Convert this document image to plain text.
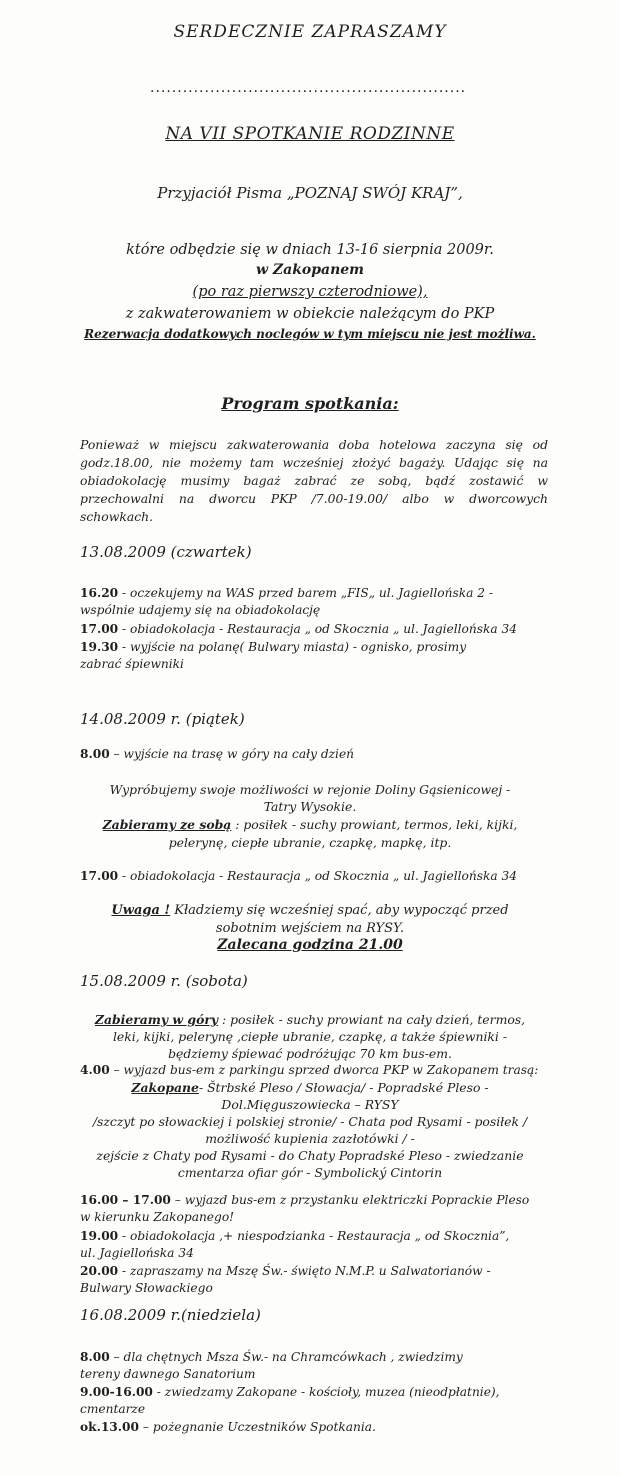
SERDECZNIE ZAPRASZAMY
..........................................................
NA VII SPOTKANIE RODZINNE
Przyjaciół Pisma „POZNAJ SWÓJ KRAJ”,
które odbędzie się w dniach 13-16 sierpnia 2009r.
w Zakopanem
(po raz pierwszy czterodniowe),
z zakwaterowaniem w obiekcie należącym do PKP
Rezerwacja dodatkowych noclegów w tym miejscu nie jest możliwa.
Program spotkania:
Ponieważ w miejscu zakwaterowania doba hotelowa zaczyna się od godz.18.00, nie możemy tam wcześniej złożyć bagaży. Udając się na obiadokolację musimy bagaż zabrać ze sobą, bądź zostawić w przechowalni na dworcu PKP /7.00-19.00/ albo w dworcowych schowkach.
13.08.2009 (czwartek)
16.20 - oczekujemy na WAS przed barem „FIS„ ul. Jagiellońska 2 -
wspólnie udajemy się na obiadokolację
17.00 - obiadokolacja - Restauracja „ od Skocznia „ ul. Jagiellońska 34
19.30 - wyjście na polanę( Bulwary miasta) - ognisko, prosimy
zabrać śpiewniki
14.08.2009 r. (piątek)
8.00 – wyjście na trasę w góry na cały dzień
Wypróbujemy swoje możliwości w rejonie Doliny Gąsienicowej -
Tatry Wysokie.
Zabieramy ze sobą : posiłek - suchy prowiant, termos, leki, kijki,
pelerynę, ciepłe ubranie, czapkę, mapkę, itp.
17.00 - obiadokolacja - Restauracja „ od Skocznia „ ul. Jagiellońska 34
Uwaga ! Kładziemy się wcześniej spać, aby wypocząć przed
sobotnim wejściem na RYSY.
Zalecana godzina 21.00
15.08.2009 r. (sobota)
Zabieramy w góry : posiłek - suchy prowiant na cały dzień, termos,
leki, kijki, pelerynę ,ciepłe ubranie, czapkę, a także śpiewniki -
będziemy śpiewać podróżując 70 km bus-em.
4.00 – wyjazd bus-em z parkingu sprzed dworca PKP w Zakopanem trasą:
Zakopane- Štrbské Pleso / Słowacja/ - Popradské Pleso -
Dol.Mięguszowiecka – RYSY
/szczyt po słowackiej i polskiej stronie/ - Chata pod Rysami - posiłek /
możliwość kupienia zazłotówki / -
zejście z Chaty pod Rysami - do Chaty Popradské Pleso - zwiedzanie
cmentarza ofiar gór - Symbolický Cintorin
16.00 – 17.00 – wyjazd bus-em z przystanku elektriczki Poprackie Pleso
w kierunku Zakopanego!
19.00 - obiadokolacja ,+ niespodzianka - Restauracja „ od Skocznia”,
ul. Jagiellońska 34
20.00 - zapraszamy na Mszę Św.- święto N.M.P. u Salwatorianów -
Bulwary Słowackiego
16.08.2009 r.(niedziela)
8.00 – dla chętnych Msza Św.- na Chramcówkach , zwiedzimy
tereny dawnego Sanatorium
9.00-16.00 - zwiedzamy Zakopane - kościoły, muzea (nieodpłatnie),
cmentarze
ok.13.00 – pożegnanie Uczestników Spotkania.
